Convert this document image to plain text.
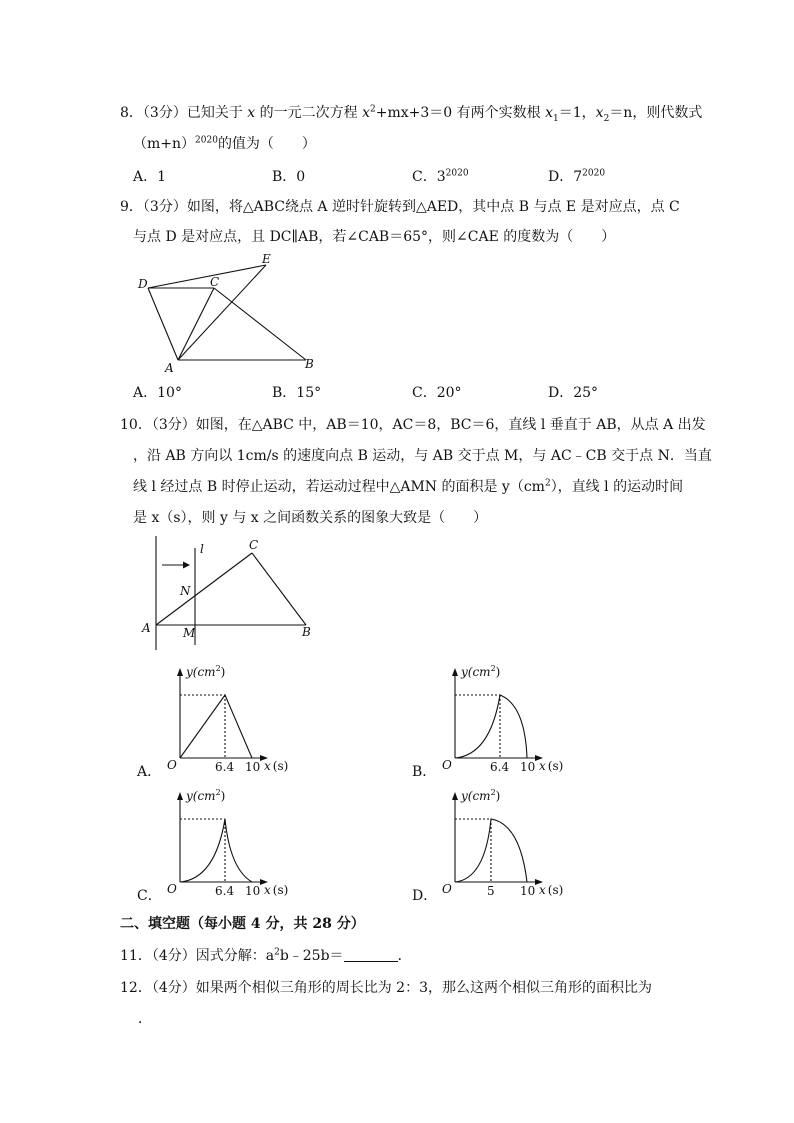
8．（3分）已知关于 x 的一元二次方程 $x^2+mx+3=0$ 有两个实数根 $x_1=1$，$x_2=n$，则代数式
$(m+n)^{2020}$的值为（　　）
A．1	B．0	C．$3^{2020}$	D．$7^{2020}$
9．（3分）如图，将△ABC绕点 A 逆时针旋转到△AED，其中点 B 与点 E 是对应点，点 C
与点 D 是对应点，且 DC∥AB，若∠CAB＝65°，则∠CAE 的度数为（　　）
D	C
E
A	B
A．10°	B．15°	C．20°	D．25°
10．（3分）如图，在△ABC 中，AB＝10，AC＝8，BC＝6，直线 l 垂直于 AB，从点 A 出发
，沿 AB 方向以 1cm/s 的速度向点 B 运动，与 AB 交于点 M，与 AC﹣CB 交于点 N．当直
线 l 经过点 B 时停止运动，若运动过程中△AMN 的面积是 $y(cm^2)$，直线 l 的运动时间
是 x（s），则 y 与 x 之间函数关系的图象大致是（　　）
l	C
N
A	M	B
A．
$y(cm^2)$
O	6.4 10 x (s)	B．
$y(cm^2)$
O	6.4 10 x (s)
C．
$y(cm^2)$
O	6.4 10 x (s)	D．
$y(cm^2)$
O	5 10 x (s)
二、填空题（每小题 4 分，共 28 分）
11．（4分）因式分解：$a^2b﹣25b=$	．
12．（4分）如果两个相似三角形的周长比为 2：3，那么这两个相似三角形的面积比为
．
